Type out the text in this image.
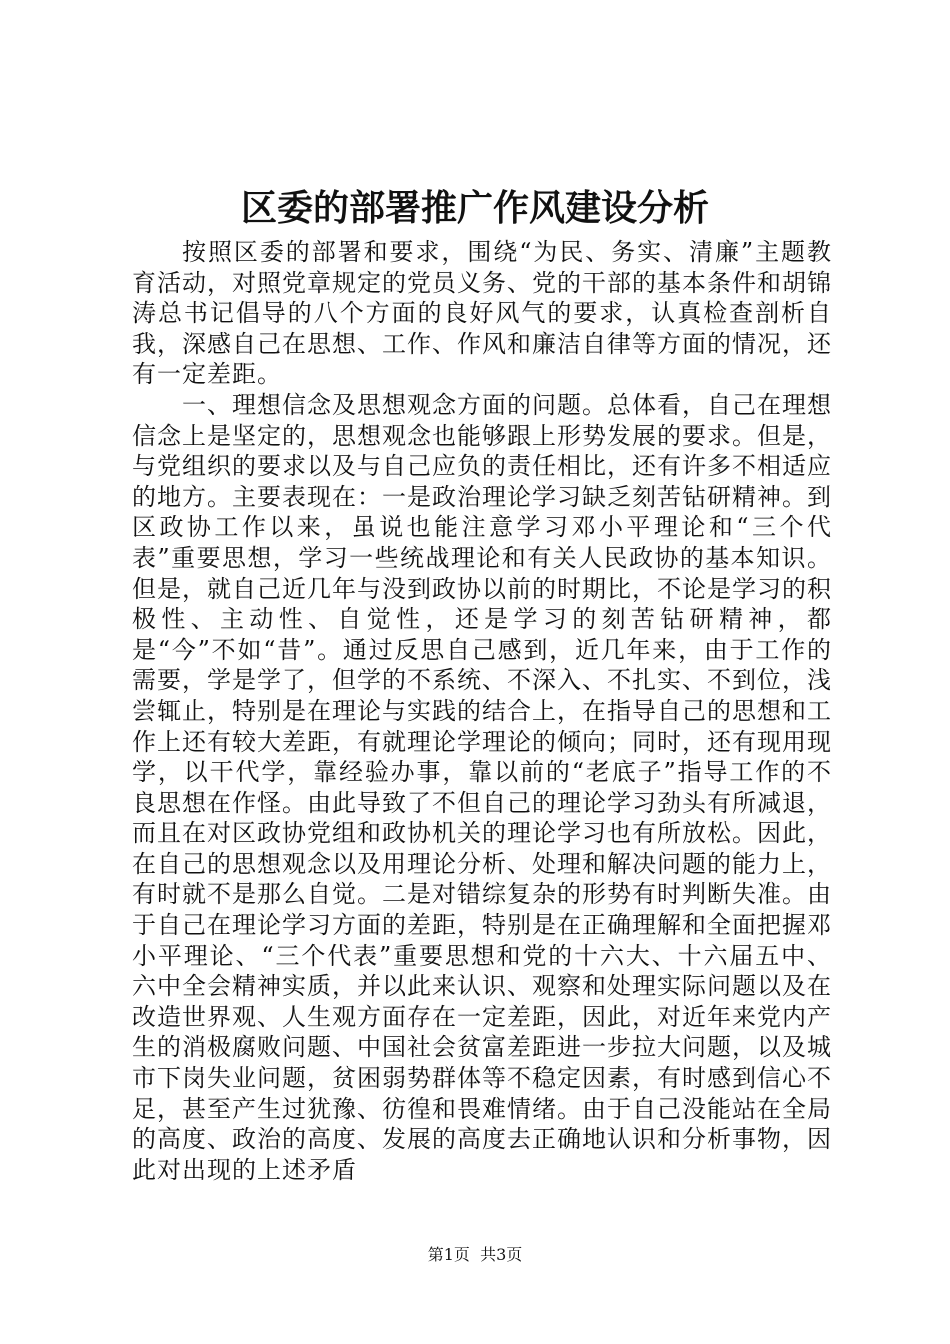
区委的部署推广作风建设分析

按照区委的部署和要求，围绕“为民、务实、清廉”主题教育活动，对照党章规定的党员义务、党的干部的基本条件和胡锦涛总书记倡导的八个方面的良好风气的要求，认真检查剖析自我，深感自己在思想、工作、作风和廉洁自律等方面的情况，还有一定差距。

一、理想信念及思想观念方面的问题。总体看，自己在理想信念上是坚定的，思想观念也能够跟上形势发展的要求。但是，与党组织的要求以及与自己应负的责任相比，还有许多不相适应的地方。主要表现在：一是政治理论学习缺乏刻苦钻研精神。到区政协工作以来，虽说也能注意学习邓小平理论和“三个代表”重要思想，学习一些统战理论和有关人民政协的基本知识。但是，就自己近几年与没到政协以前的时期比，不论是学习的积极性、主动性、自觉性，还是学习的刻苦钻研精神，都是“今”不如“昔”。通过反思自己感到，近几年来，由于工作的需要，学是学了，但学的不系统、不深入、不扎实、不到位，浅尝辄止，特别是在理论与实践的结合上，在指导自己的思想和工作上还有较大差距，有就理论学理论的倾向；同时，还有现用现学，以干代学，靠经验办事，靠以前的“老底子”指导工作的不良思想在作怪。由此导致了不但自己的理论学习劲头有所减退，而且在对区政协党组和政协机关的理论学习也有所放松。因此，在自己的思想观念以及用理论分析、处理和解决问题的能力上，有时就不是那么自觉。二是对错综复杂的形势有时判断失准。由于自己在理论学习方面的差距，特别是在正确理解和全面把握邓小平理论、“三个代表”重要思想和党的十六大、十六届五中、六中全会精神实质，并以此来认识、观察和处理实际问题以及在改造世界观、人生观方面存在一定差距，因此，对近年来党内产生的消极腐败问题、中国社会贫富差距进一步拉大问题，以及城市下岗失业问题，贫困弱势群体等不稳定因素，有时感到信心不足，甚至产生过犹豫、彷徨和畏难情绪。由于自己没能站在全局的高度、政治的高度、发展的高度去正确地认识和分析事物，因此对出现的上述矛盾

第1页 共3页
